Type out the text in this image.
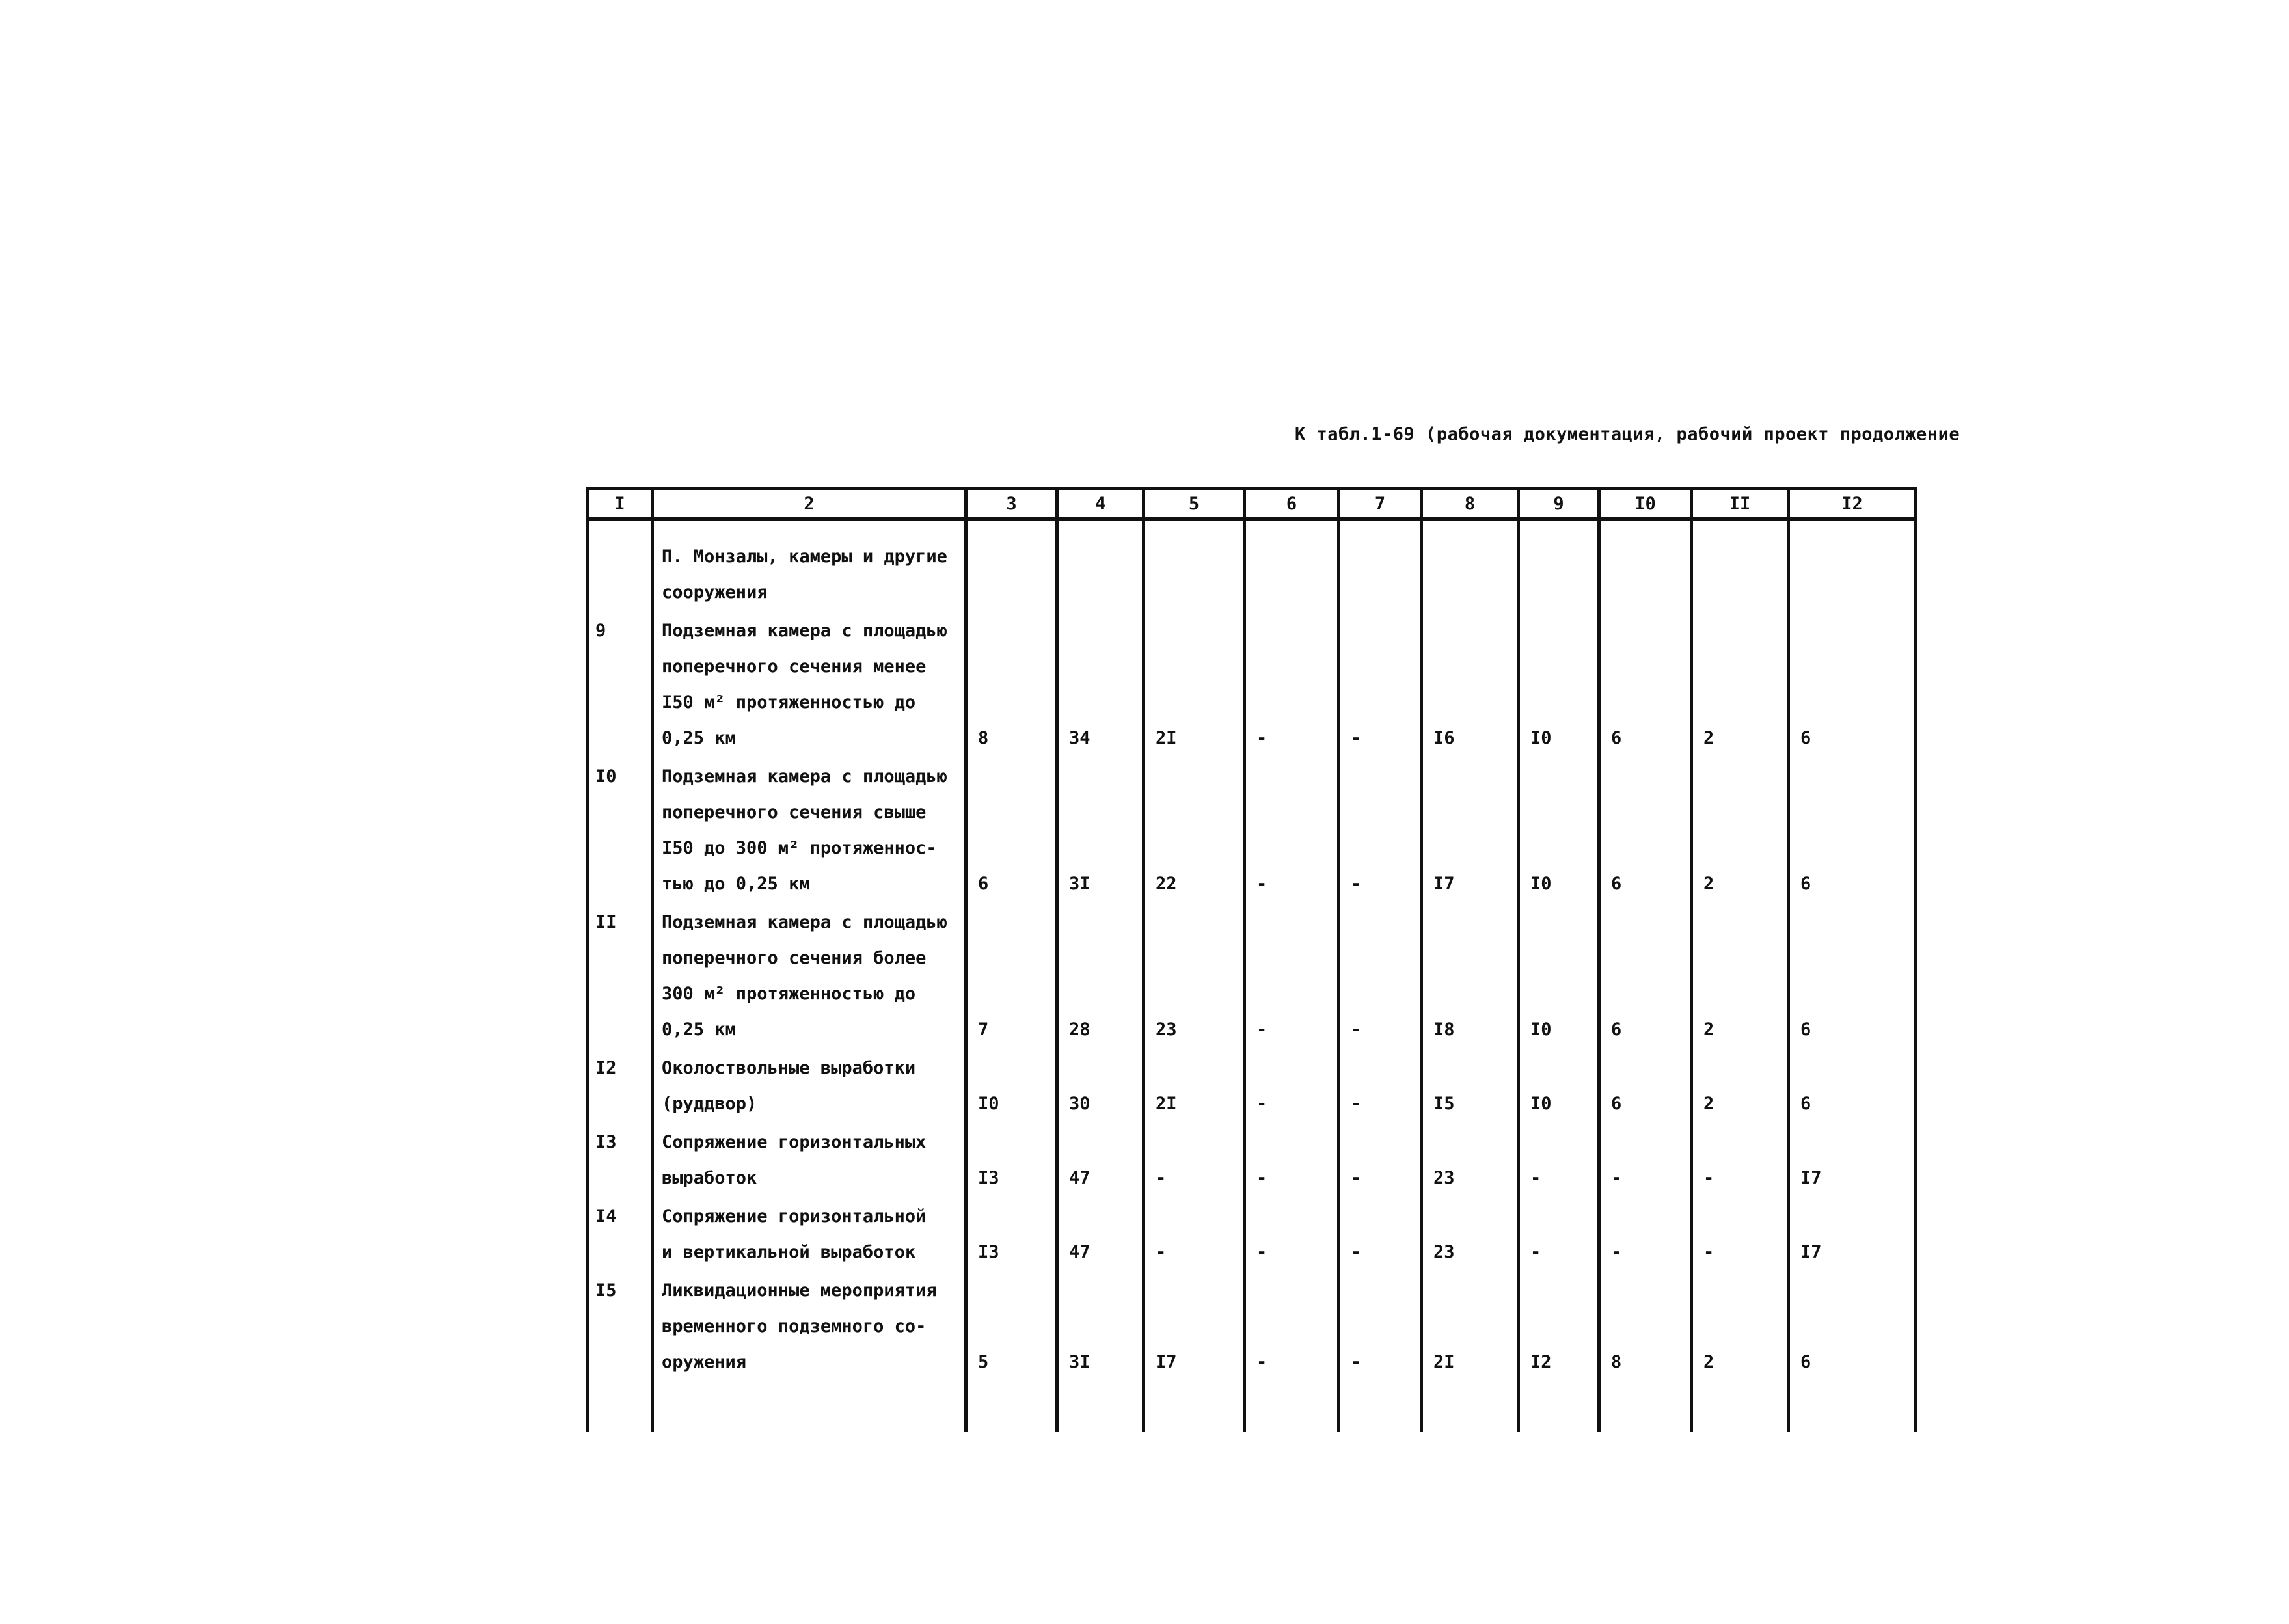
К табл.1-69 (рабочая документация, рабочий проект продолжение
I	2	3	4	5	6	7	8	9	I0	II	I2
	П. Монзалы, камеры и другие
сооружения										
9	Подземная камера с площадью
поперечного сечения менее
I50 м² протяженностью до
0,25 км	8	34	2I	-	-	I6	I0	6	2	6
I0	Подземная камера с площадью
поперечного сечения свыше
I50 до 300 м² протяженнос-
тью до 0,25 км	6	3I	22	-	-	I7	I0	6	2	6
II	Подземная камера с площадью
поперечного сечения более
300 м² протяженностью до
0,25 км	7	28	23	-	-	I8	I0	6	2	6
I2	Околоствольные выработки
(руддвор)	I0	30	2I	-	-	I5	I0	6	2	6
I3	Сопряжение горизонтальных
выработок	I3	47	-	-	-	23	-	-	-	I7
I4	Сопряжение горизонтальной
и вертикальной выработок	I3	47	-	-	-	23	-	-	-	I7
I5	Ликвидационные мероприятия
временного подземного со-
оружения	5	3I	I7	-	-	2I	I2	8	2	6
